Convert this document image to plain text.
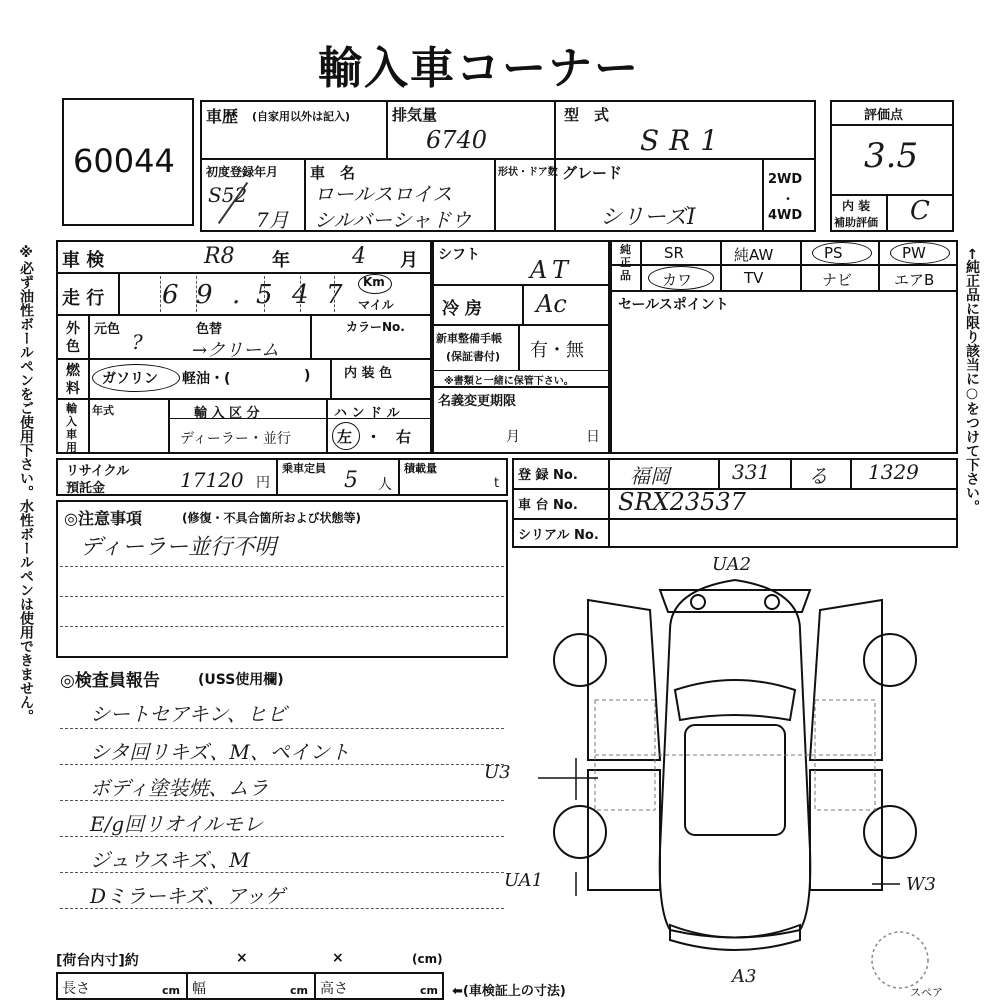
輸入車コーナー
※必ず油性ボールペンをご使用下さい。水性ボールペンは使用できません。	←純正品に限り該当に○をつけて下さい。
60044
車歴 (自家用以外は記入)	排気量
6740
型　式
SR1
初度登録年月
S52
7月
車　名
ロールスロイス
シルバーシャドウ
形状・ドア数 グレード
シリーズⅠ
2WD
・
4WD
評価点
3.5
内 装
補助評価 C
車 検	R8 年	4 月
走 行 6 9 . 5 4 7 Km
マイル
外
色
元色
?
色替
→クリーム
カラーNo.
燃
料
ガソリン 軽油・(	)	内 装 色
輸
入
車
用
年式	輸 入 区 分
ディーラー・並行
ハ ン ド ル
左 ・ 右
シフト
AT
冷 房 Ac
新車整備手帳
(保証書付) 有・無
※書類と一緒に保管下さい。
名義変更期限
月	日
純正品
SR	純AW	PS	PW
カワ	TV	ナビ	エアB
セールスポイント
リサイクル
預託金	17120 円
乗車定員 5 人
積載量
t
登 録 No.	福岡	331 る 1329
車 台 No. SRX23537
シリアル No.
◎注意事項	(修復・不具合箇所および状態等)
ディーラー並行不明
◎検査員報告	(USS使用欄)
シートセアキン、ヒビ
シタ回リキズ、M、ペイント
ボディ塗装焼、ムラ
E/g回リオイルモレ
ジュウスキズ、M
Dミラーキズ、アッゲ
UA2
U3
UA1	W3
A3
スペア
[荷台内寸]約	×	×	(cm)
長さ	cm 幅	cm 高さ	cm ⬅(車検証上の寸法)
